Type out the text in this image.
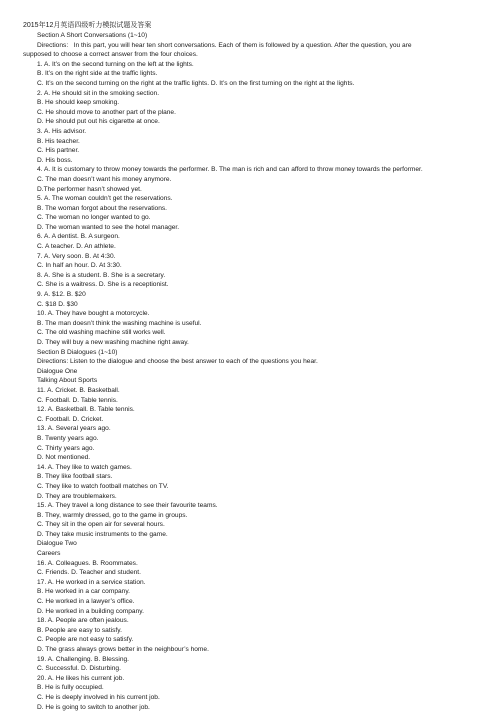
2015年12月英语四级听力模拟试题及答案
Section A Short Conversations (1~10)
Directions:   In this part, you will hear ten short conversations. Each of them is followed by a question. After the question, you are
supposed to choose a correct answer from the four choices.
1. A. It’s on the second turning on the left at the lights.
B. It’s on the right side at the traffic lights.
C. It’s on the second turning on the right at the traffic lights. D. It’s on the first turning on the right at the lights.
2. A. He should sit in the smoking section.
B. He should keep smoking.
C. He should move to another part of the plane.
D. He should put out his cigarette at once.
3. A. His advisor.
B. His teacher.
C. His partner.
D. His boss.
4. A. It is customary to throw money towards the performer. B. The man is rich and can afford to throw money towards the performer.
C. The man doesn’t want his money anymore.
D.The performer hasn’t showed yet.
5. A. The woman couldn’t get the reservations.
B. The woman forgot about the reservations.
C. The woman no longer wanted to go.
D. The woman wanted to see the hotel manager.
6. A. A dentist. B. A surgeon.
C. A teacher. D. An athlete.
7. A. Very soon. B. At 4:30.
C. In half an hour. D. At 3:30.
8. A. She is a student. B. She is a secretary.
C. She is a waitress. D. She is a receptionist.
9. A. $12. B. $20
C. $18 D. $30
10. A. They have bought a motorcycle.
B. The man doesn’t think the washing machine is useful.
C. The old washing machine still works well.
D. They will buy a new washing machine right away.
Section B Dialogues (1~10)
Directions: Listen to the dialogue and choose the best answer to each of the questions you hear.
Dialogue One
Talking About Sports
11. A. Cricket. B. Basketball.
C. Football. D. Table tennis.
12. A. Basketball. B. Table tennis.
C. Football. D. Cricket.
13. A. Several years ago.
B. Twenty years ago.
C. Thirty years ago.
D. Not mentioned.
14. A. They like to watch games.
B. They like football stars.
C. They like to watch football matches on TV.
D. They are troublemakers.
15. A. They travel a long distance to see their favourite teams.
B. They, warmly dressed, go to the game in groups.
C. They sit in the open air for several hours.
D. They take music instruments to the game.
Dialogue Two
Careers
16. A. Colleagues. B. Roommates.
C. Friends. D. Teacher and student.
17. A. He worked in a service station.
B. He worked in a car company.
C. He worked in a lawyer’s office.
D. He worked in a building company.
18. A. People are often jealous.
B. People are easy to satisfy.
C. People are not easy to satisfy.
D. The grass always grows better in the neighbour’s home.
19. A. Challenging. B. Blessing.
C. Successful. D. Disturbing.
20. A. He likes his current job.
B. He is fully occupied.
C. He is deeply involved in his current job.
D. He is going to switch to another job.
